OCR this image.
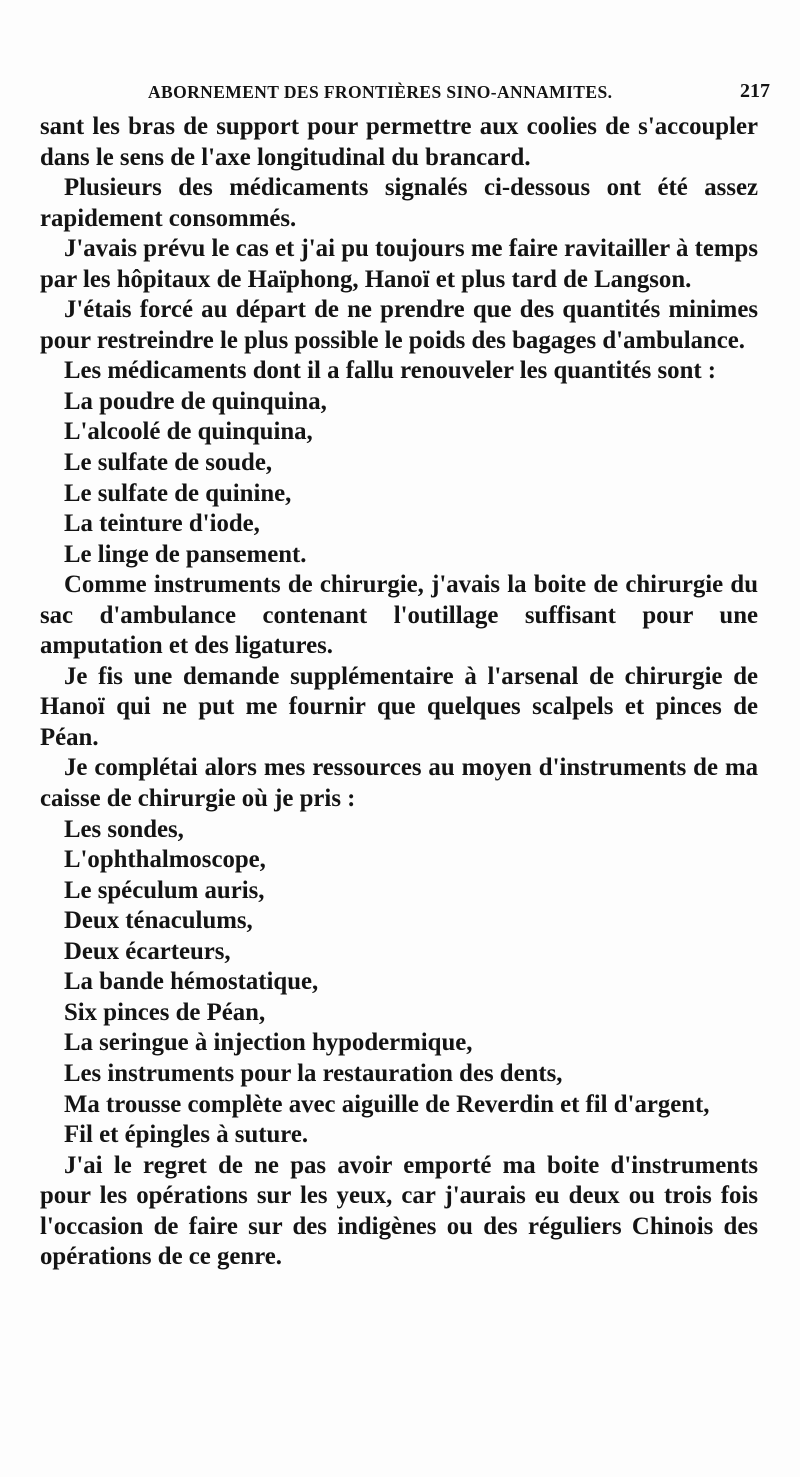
ABORNEMENT DES FRONTIÈRES SINO-ANNAMITES.	217

sant les bras de support pour permettre aux coolies de s'accoupler dans le sens de l'axe longitudinal du brancard.

Plusieurs des médicaments signalés ci-dessous ont été assez rapidement consommés.

J'avais prévu le cas et j'ai pu toujours me faire ravitailler à temps par les hôpitaux de Haïphong, Hanoï et plus tard de Langson.

J'étais forcé au départ de ne prendre que des quantités minimes pour restreindre le plus possible le poids des bagages d'ambulance.

Les médicaments dont il a fallu renouveler les quantités sont :

La poudre de quinquina,
L'alcoolé de quinquina,
Le sulfate de soude,
Le sulfate de quinine,
La teinture d'iode,
Le linge de pansement.

Comme instruments de chirurgie, j'avais la boite de chirurgie du sac d'ambulance contenant l'outillage suffisant pour une amputation et des ligatures.

Je fis une demande supplémentaire à l'arsenal de chirurgie de Hanoï qui ne put me fournir que quelques scalpels et pinces de Péan.

Je complétai alors mes ressources au moyen d'instruments de ma caisse de chirurgie où je pris :

Les sondes,
L'ophthalmoscope,
Le spéculum auris,
Deux ténaculums,
Deux écarteurs,
La bande hémostatique,
Six pinces de Péan,
La seringue à injection hypodermique,
Les instruments pour la restauration des dents,
Ma trousse complète avec aiguille de Reverdin et fil d'argent,
Fil et épingles à suture.

J'ai le regret de ne pas avoir emporté ma boite d'instruments pour les opérations sur les yeux, car j'aurais eu deux ou trois fois l'occasion de faire sur des indigènes ou des réguliers Chinois des opérations de ce genre.
